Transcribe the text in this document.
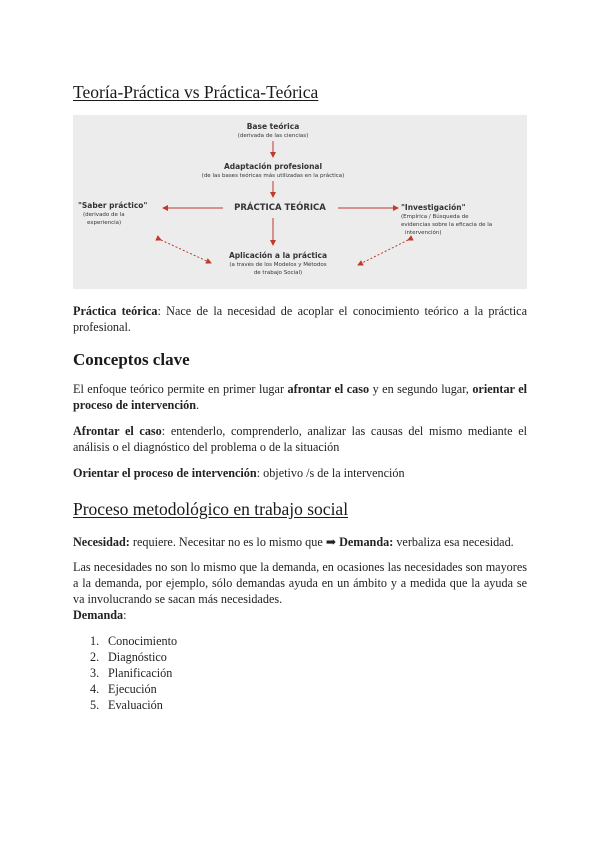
Teoría-Práctica vs Práctica-Teórica
Base teórica
(derivada de las ciencias)
Adaptación profesional
(de las bases teóricas más utilizadas en la práctica)
PRÁCTICA TEÓRICA
"Saber práctico"
(derivado de la
experiencia)
"Investigación"
(Empírica / Búsqueda de
evidencias sobre la eficacia de la
intervención)
Aplicación a la práctica
(a través de los Modelos y Métodos
de trabajo Social)
Práctica teórica: Nace de la necesidad de acoplar el conocimiento teórico a la práctica profesional.
Conceptos clave
El enfoque teórico permite en primer lugar afrontar el caso y en segundo lugar, orientar el proceso de intervención.
Afrontar el caso: entenderlo, comprenderlo, analizar las causas del mismo mediante el análisis o el diagnóstico del problema o de la situación
Orientar el proceso de intervención: objetivo /s de la intervención
Proceso metodológico en trabajo social
Necesidad: requiere. Necesitar no es lo mismo que ➡ Demanda: verbaliza esa necesidad.
Las necesidades no son lo mismo que la demanda, en ocasiones las necesidades son mayores a la demanda, por ejemplo, sólo demandas ayuda en un ámbito y a medida que la ayuda se va involucrando se sacan más necesidades.
Demanda:
1. Conocimiento
2. Diagnóstico
3. Planificación
4. Ejecución
5. Evaluación
